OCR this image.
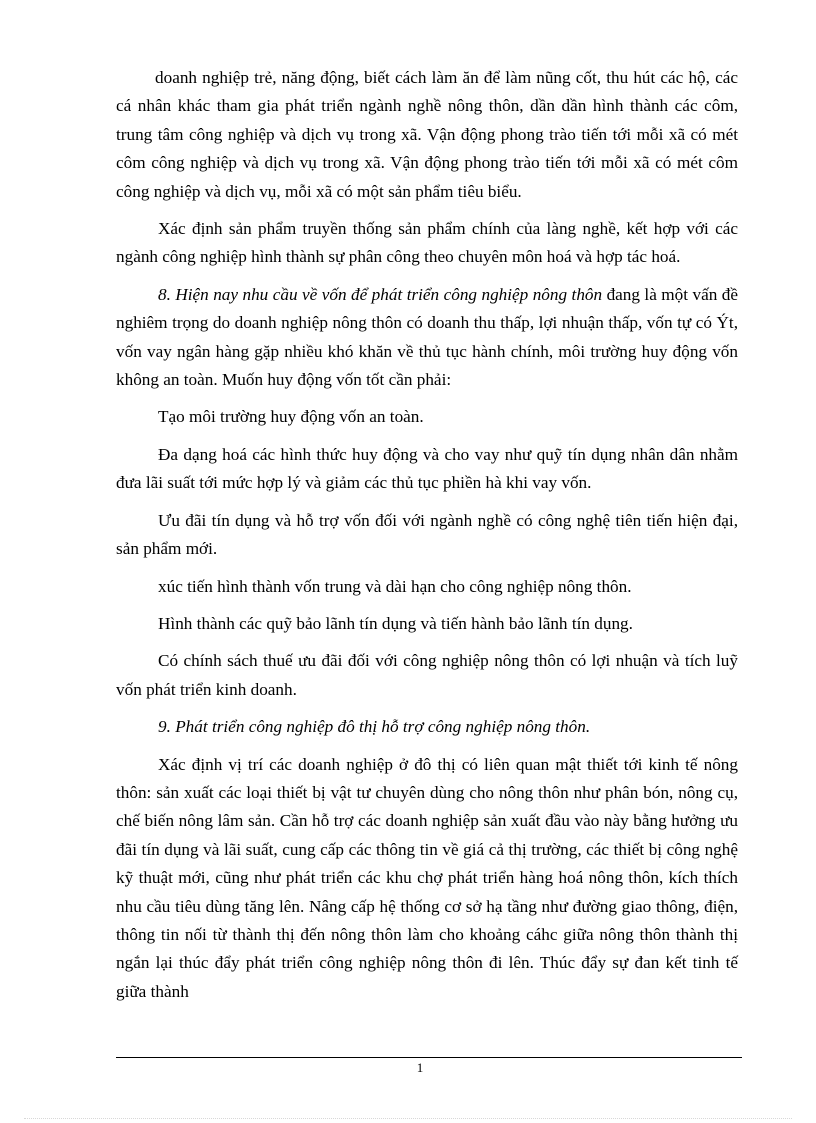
doanh nghiệp trẻ, năng động, biết cách làm ăn để làm nũng cốt, thu hút các hộ, các cá nhân khác tham gia phát triển ngành nghề nông thôn, dần dần hình thành các côm, trung tâm công nghiệp và dịch vụ trong xã. Vận động phong trào tiến tới mỗi xã có mét côm công nghiệp và dịch vụ trong xã. Vận động phong trào tiến tới mỗi xã có mét côm công nghiệp và dịch vụ, mỗi xã có một sản phẩm tiêu biểu.

Xác định sản phẩm truyền thống sản phẩm chính của làng nghề, kết hợp với các ngành công nghiệp hình thành sự phân công theo chuyên môn hoá và hợp tác hoá.

8. Hiện nay nhu cầu về vốn để phát triển công nghiệp nông thôn đang là một vấn đề nghiêm trọng do doanh nghiệp nông thôn có doanh thu thấp, lợi nhuận thấp, vốn tự có Ýt, vốn vay ngân hàng gặp nhiều khó khăn về thủ tục hành chính, môi trường huy động vốn không an toàn. Muốn huy động vốn tốt cần phải:

Tạo môi trường huy động vốn an toàn.

Đa dạng hoá các hình thức huy động và cho vay như quỹ tín dụng nhân dân nhằm đưa lãi suất tới mức hợp lý và giảm các thủ tục phiền hà khi vay vốn.

Ưu đãi tín dụng và hỗ trợ vốn đối với ngành nghề có công nghệ tiên tiến hiện đại, sản phẩm mới.

xúc tiến hình thành vốn trung và dài hạn cho công nghiệp nông thôn.

Hình thành các quỹ bảo lãnh tín dụng và tiến hành bảo lãnh tín dụng.

Có chính sách thuế ưu đãi đối với công nghiệp nông thôn có lợi nhuận và tích luỹ vốn phát triển kinh doanh.

9. Phát triển công nghiệp đô thị hỗ trợ công nghiệp nông thôn.

Xác định vị trí các doanh nghiệp ở đô thị có liên quan mật thiết tới kinh tế nông thôn: sản xuất các loại thiết bị vật tư chuyên dùng cho nông thôn như phân bón, nông cụ, chế biến nông lâm sản. Cần hỗ trợ các doanh nghiệp sản xuất đầu vào này bằng hưởng ưu đãi tín dụng và lãi suất, cung cấp các thông tin về giá cả thị trường, các thiết bị công nghệ kỹ thuật mới, cũng như phát triển các khu chợ phát triển hàng hoá nông thôn, kích thích nhu cầu tiêu dùng tăng lên. Nâng cấp hệ thống cơ sở hạ tầng như đường giao thông, điện, thông tin nối từ thành thị đến nông thôn làm cho khoảng cáhc giữa nông thôn thành thị ngắn lại thúc đẩy phát triển công nghiệp nông thôn đi lên. Thúc đẩy sự đan kết tinh tế giữa thành

1
